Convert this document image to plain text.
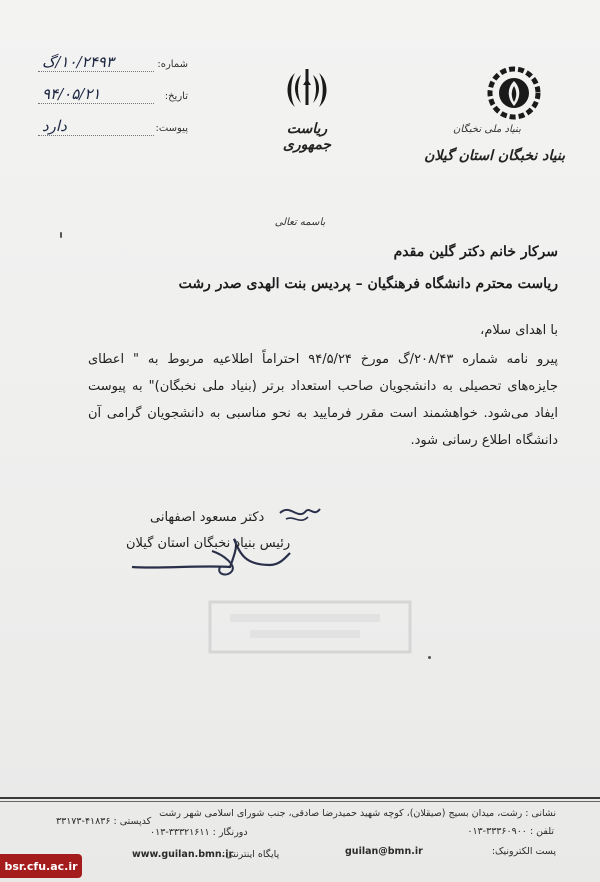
شماره:
۱۰/۲۴۹۳/گ
تاریخ:
۹۴/۰۵/۲۱
پیوست:
دارد	ریاست جمهوری
بنیاد ملی نخبگان
بنیاد نخبگان استان گیلان
باسمه تعالی
سرکار خانم دکتر گلین مقدم
ریاست محترم دانشگاه فرهنگیان – پردیس بنت الهدی صدر رشت
با اهدای سلام،
پیرو نامه شماره ۲۰۸/۴۳/گ مورخ ۹۴/۵/۲۴ احتراماً اطلاعیه مربوط به " اعطای جایزه‌های تحصیلی به دانشجویان صاحب استعداد برتر (بنیاد ملی نخبگان)" به پیوست ایفاد می‌شود. خواهشمند است مقرر فرمایید به نحو مناسبی به دانشجویان گرامی آن دانشگاه اطلاع رسانی شود.
دکتر مسعود اصفهانی
رئیس بنیاد نخبگان استان گیلان
نشانی : رشت، میدان بسیج (صیقلان)، کوچه شهید حمیدرضا صادقی، جنب شورای اسلامی شهر رشت
کدپستی : ۴۱۸۳۶-۳۳۱۷۳
تلفن : ۳۳۳۶۰۹۰۰-۰۱۳
دورنگار : ۳۳۳۲۱۶۱۱-۰۱۳
پست الکترونیک:
guilan@bmn.ir
پایگاه اینترنتی:
www.guilan.bmn.ir
bsr.cfu.ac.ir
